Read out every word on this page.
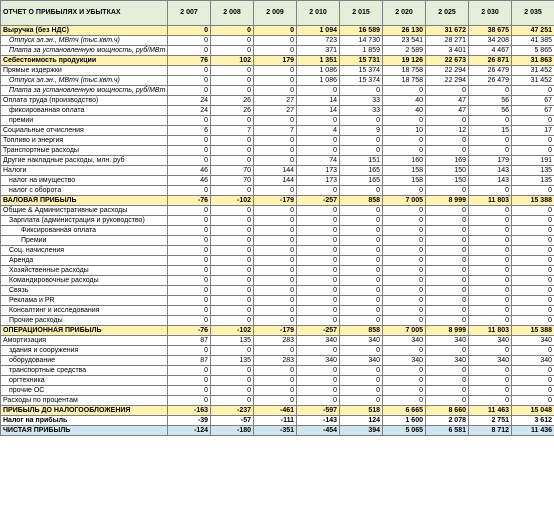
ОТЧЕТ О ПРИБЫЛЯХ И УБЫТКАХ	2 007	2 008	2 009	2 010	2 015	2 020	2 025	2 030	2 035
Выручка (без НДС)	0	0	0	1 094	16 589	26 130	31 672	38 675	47 251
Отпуск эл.эн., МВтч (тыс.квт.ч)	0	0	0	723	14 730	23 541	28 271	34 208	41 385
Плата за установленную мощность, руб/МВт	0	0	0	371	1 859	2 589	3 401	4 467	5 865
Себестоимость продукции	76	102	179	1 351	15 731	19 126	22 673	26 871	31 863
Прямые издержки	0	0	0	1 086	15 374	18 758	22 294	26 479	31 452
Отпуск эл.эн., МВтч (тыс.квт.ч)	0	0	0	1 086	15 374	18 758	22 294	26 479	31 452
Плата за установленную мощность, руб/МВт	0	0	0	0	0	0	0	0	0
Оплата труда (производство)	24	26	27	14	33	40	47	56	67
фиксированная оплата	24	26	27	14	33	40	47	56	67
премии	0	0	0	0	0	0	0	0	0
Социальные отчисления	6	7	7	4	9	10	12	15	17
Топливо и энергия	0	0	0	0	0	0	0	0	0
Транспортные расходы	0	0	0	0	0	0	0	0	0
Другие накладные расходы, млн. руб	0	0	0	74	151	160	169	179	191
Налоги	46	70	144	173	165	158	150	143	135
налог на имущество	46	70	144	173	165	158	150	143	135
налог с оборота	0	0	0	0	0	0	0	0	0
ВАЛОВАЯ ПРИБЫЛЬ	-76	-102	-179	-257	858	7 005	8 999	11 803	15 388
Общие & Административные расходы	0	0	0	0	0	0	0	0	0
Зарплата (администрация и руководство)	0	0	0	0	0	0	0	0	0
Фиксированная оплата	0	0	0	0	0	0	0	0	0
Премии	0	0	0	0	0	0	0	0	0
Соц. начисления	0	0	0	0	0	0	0	0	0
Аренда	0	0	0	0	0	0	0	0	0
Хозяйственные расходы	0	0	0	0	0	0	0	0	0
Командировочные расходы	0	0	0	0	0	0	0	0	0
Связь	0	0	0	0	0	0	0	0	0
Реклама и PR	0	0	0	0	0	0	0	0	0
Консалтинг и исследования	0	0	0	0	0	0	0	0	0
Прочие расходы	0	0	0	0	0	0	0	0	0
ОПЕРАЦИОННАЯ ПРИБЫЛЬ	-76	-102	-179	-257	858	7 005	8 999	11 803	15 388
Амортизация	87	135	283	340	340	340	340	340	340
здания и сооружения	0	0	0	0	0	0	0	0	0
оборудование	87	135	283	340	340	340	340	340	340
транспортные средства	0	0	0	0	0	0	0	0	0
оргтехника	0	0	0	0	0	0	0	0	0
прочие ОС	0	0	0	0	0	0	0	0	0
Расходы по процентам	0	0	0	0	0	0	0	0	0
ПРИБЫЛЬ ДО НАЛОГООБЛОЖЕНИЯ	-163	-237	-461	-597	518	6 665	8 660	11 463	15 048
Налог на прибыль	-39	-57	-111	-143	124	1 600	2 078	2 751	3 612
ЧИСТАЯ ПРИБЫЛЬ	-124	-180	-351	-454	394	5 065	6 581	8 712	11 436
